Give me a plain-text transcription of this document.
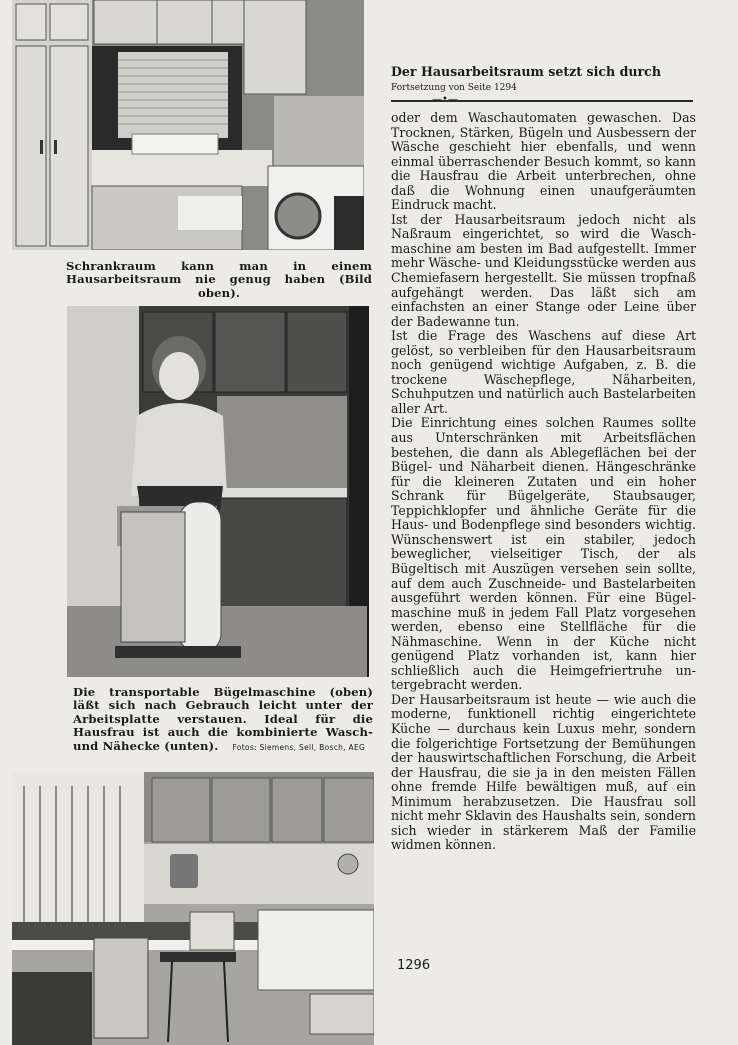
Schrankraum kann man in einem Hausarbeitsraum nie genug haben (Bild oben).
Die transportable Bügelmaschine (oben) läßt sich nach Gebrauch leicht unter der Arbeitsplatte verstauen. Ideal für die Hausfrau ist auch die kombinierte Wasch- und Nähecke (unten). Fotos: Siemens, Sell, Bosch, AEG
Der Hausarbeitsraum setzt sich durch
Fortsetzung von Seite 1294
—•—

oder dem Waschautomaten gewaschen. Das Trocknen, Stärken, Bügeln und Ausbessern der Wäsche geschieht hier ebenfalls, und wenn einmal überraschender Besuch kommt, so kann die Hausfrau die Arbeit unterbrechen, ohne daß die Wohnung einen unaufgeräumten Eindruck macht.

Ist der Hausarbeitsraum jedoch nicht als Naßraum eingerichtet, so wird die Waschmaschine am besten im Bad aufgestellt. Immer mehr Wäsche- und Kleidungsstücke werden aus Chemiefasern hergestellt. Sie müssen tropfnaß aufgehängt werden. Das läßt sich am einfachsten an einer Stange oder Leine über der Badewanne tun.

Ist die Frage des Waschens auf diese Art gelöst, so verbleiben für den Hausarbeitsraum noch genügend wichtige Aufgaben, z. B. die trockene Wäschepflege, Näharbeiten, Schuhputzen und natürlich auch Bastelarbeiten aller Art.

Die Einrichtung eines solchen Raumes sollte aus Unterschränken mit Arbeitsflächen bestehen, die dann als Ablegeflächen bei der Bügel- und Näharbeit dienen. Hängeschränke für die kleineren Zutaten und ein hoher Schrank für Bügelgeräte, Staubsauger, Teppichklopfer und ähnliche Geräte für die Haus- und Bodenpflege sind besonders wichtig. Wünschenswert ist ein stabiler, jedoch beweglicher, vielseitiger Tisch, der als Bügeltisch mit Auszügen versehen sein sollte, auf dem auch Zuschneide- und Bastelarbeiten ausgeführt werden können. Für eine Bügelmaschine muß in jedem Fall Platz vorgesehen werden, ebenso eine Stellfläche für die Nähmaschine. Wenn in der Küche nicht genügend Platz vorhanden ist, kann hier schließlich auch die Heimgefriertruhe untergebracht werden.

Der Hausarbeitsraum ist heute — wie auch die moderne, funktionell richtig eingerichtete Küche — durchaus kein Luxus mehr, sondern die folgerichtige Fortsetzung der Bemühungen der hauswirtschaftlichen Forschung, die Arbeit der Hausfrau, die sie ja in den meisten Fällen ohne fremde Hilfe bewältigen muß, auf ein Minimum herabzusetzen. Die Hausfrau soll nicht mehr Sklavin des Haushalts sein, sondern sich wieder in stärkerem Maß der Familie widmen können.

1296
